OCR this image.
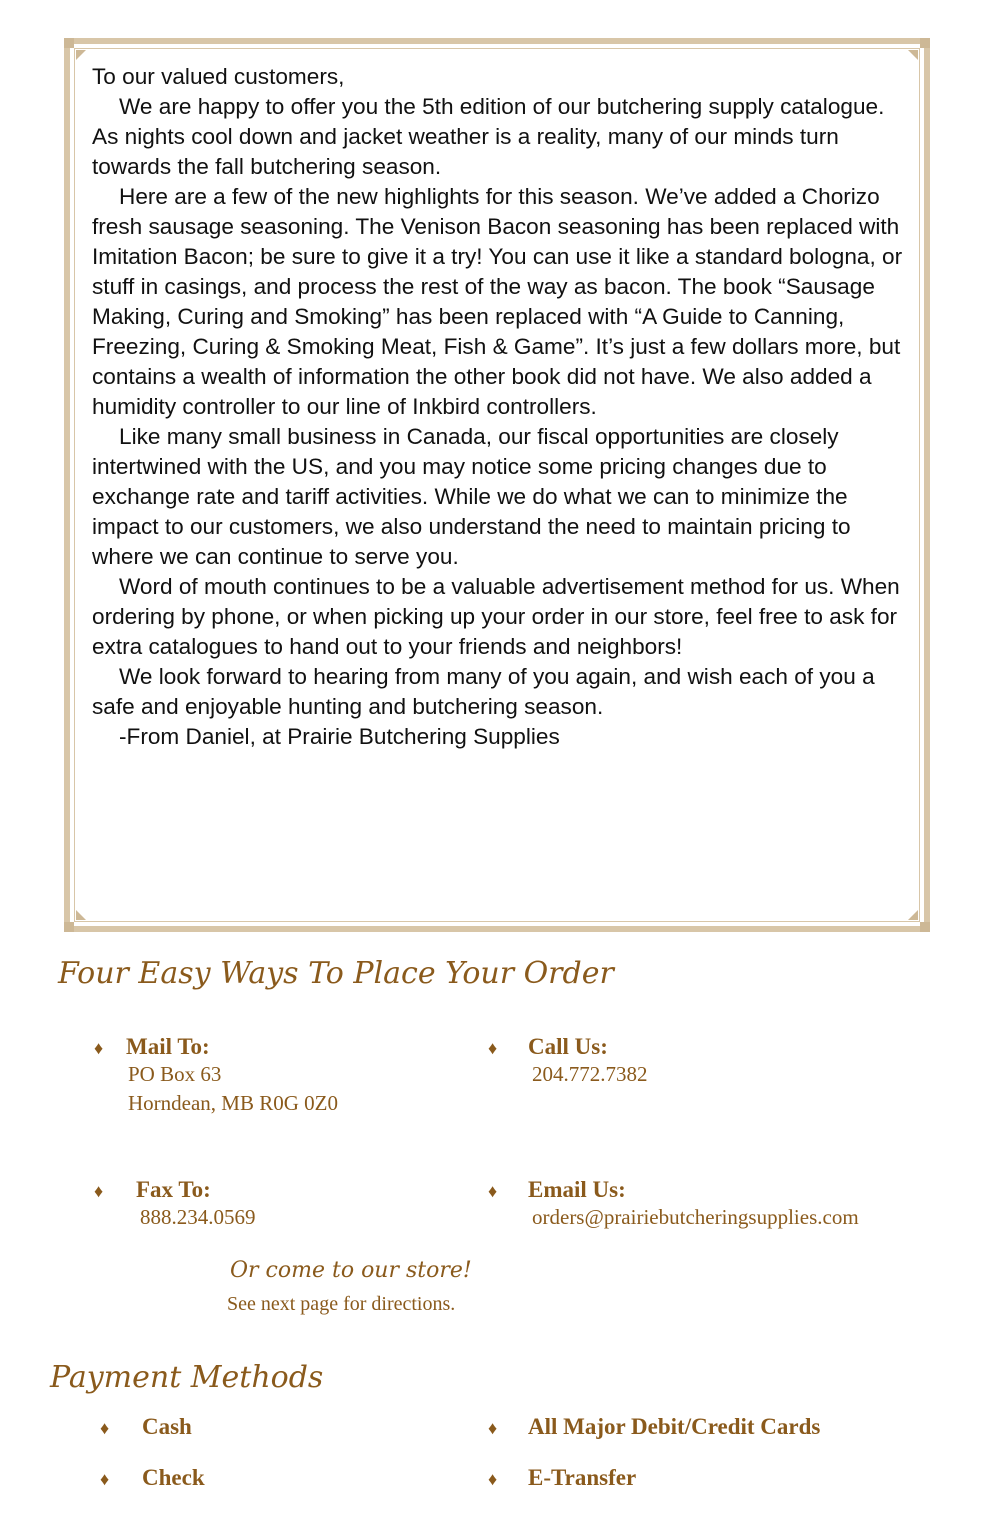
To our valued customers,

We are happy to offer you the 5th edition of our butchering supply catalogue. As nights cool down and jacket weather is a reality, many of our minds turn towards the fall butchering season.

Here are a few of the new highlights for this season. We’ve added a Chorizo fresh sausage seasoning. The Venison Bacon seasoning has been replaced with Imitation Bacon; be sure to give it a try! You can use it like a standard bologna, or stuff in casings, and process the rest of the way as bacon. The book “Sausage Making, Curing and Smoking” has been replaced with “A Guide to Canning, Freezing, Curing & Smoking Meat, Fish & Game”. It’s just a few dollars more, but contains a wealth of information the other book did not have. We also added a humidity controller to our line of Inkbird controllers.

Like many small business in Canada, our fiscal opportunities are closely intertwined with the US, and you may notice some pricing changes due to exchange rate and tariff activities. While we do what we can to minimize the impact to our customers, we also understand the need to maintain pricing to where we can continue to serve you.

Word of mouth continues to be a valuable advertisement method for us. When ordering by phone, or when picking up your order in our store, feel free to ask for extra catalogues to hand out to your friends and neighbors!

We look forward to hearing from many of you again, and wish each of you a safe and enjoyable hunting and butchering season.

-From Daniel, at Prairie Butchering Supplies

Four Easy Ways To Place Your Order
♦ Mail To:
PO Box 63
Horndean, MB R0G 0Z0
♦ Call Us:
204.772.7382
♦ Fax To:
888.234.0569
♦ Email Us:
orders@prairiebutcheringsupplies.com
Or come to our store!
See next page for directions.
Payment Methods
♦ Cash	♦ All Major Debit/Credit Cards
♦ Check	♦ E-Transfer
